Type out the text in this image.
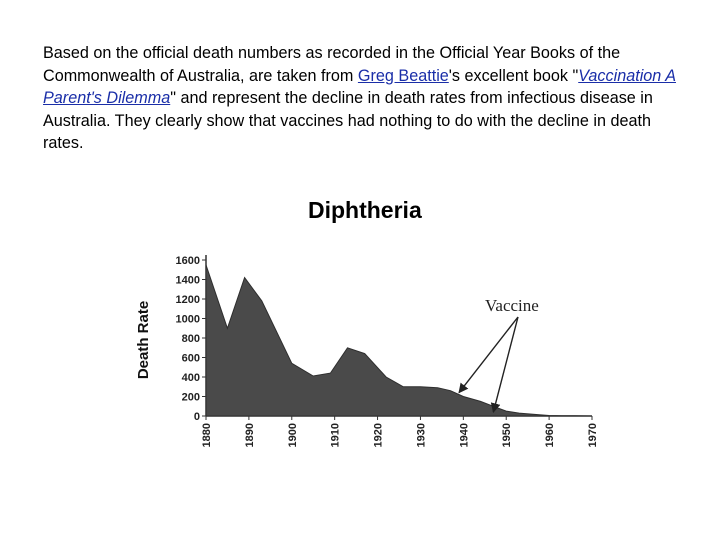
Based on the official death numbers as recorded in the Official Year Books of the Commonwealth of Australia, are taken from Greg Beattie's excellent book "Vaccination A Parent's Dilemma" and represent the decline in death rates from infectious disease in Australia. They clearly show that vaccines had nothing to do with the decline in death rates.
0
200
400
600
800
1000
1200
1400
1600
1880	1890	1900	1910	1920	1930	1940	1950	1960	1970
Diphtheria
Death Rate	Vaccine
